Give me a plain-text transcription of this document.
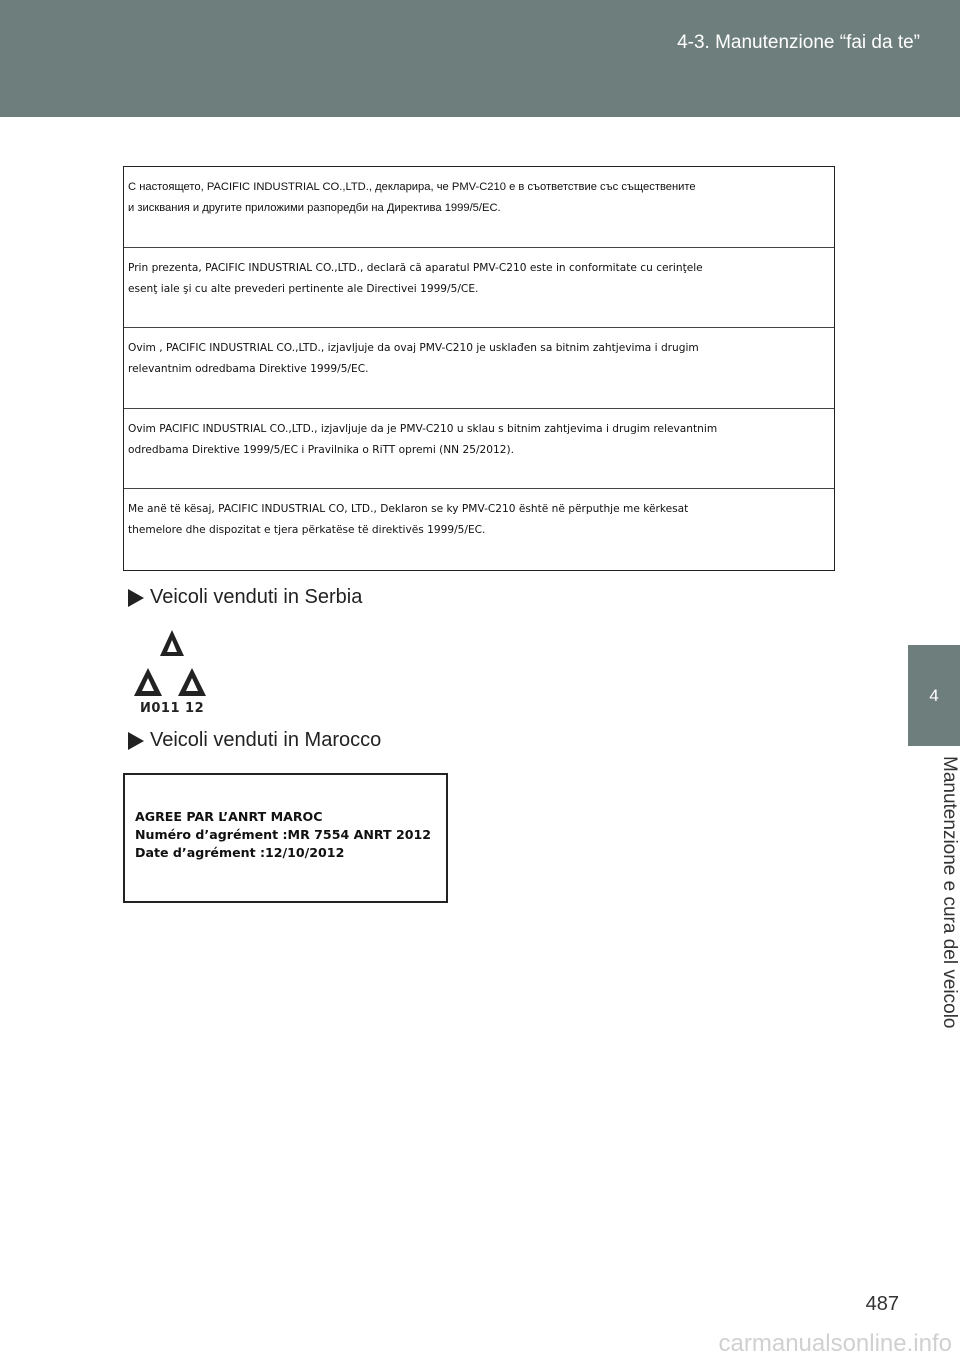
4-3. Manutenzione “fai da te”
4
Manutenzione e cura del veicolo
С настоящето, PACIFIC INDUSTRIAL CO.,LTD., декларира, че PMV-C210 е в съответствие със съществените
и зисквания и другите приложими разпоредби на Директива 1999/5/EC.
Prin prezenta, PACIFIC INDUSTRIAL CO.,LTD., declară că aparatul PMV-C210 este in conformitate cu cerinţele
esenţ iale şi cu alte prevederi pertinente ale Directivei 1999/5/CE.
Ovim , PACIFIC INDUSTRIAL CO.,LTD., izjavljuje da ovaj PMV-C210 je usklađen sa bitnim zahtjevima i drugim
relevantnim odredbama Direktive 1999/5/EC.
Ovim PACIFIC INDUSTRIAL CO.,LTD., izjavljuje da je PMV-C210 u sklau s bitnim zahtjevima i drugim relevantnim
odredbama Direktive 1999/5/EC i Pravilnika o RiTT opremi (NN 25/2012).
Me anë të kësaj, PACIFIC INDUSTRIAL CO, LTD., Deklaron se ky PMV-C210 është në përputhje me kërkesat
themelore dhe dispozitat e tjera përkatëse të direktivës 1999/5/EC.
Veicoli venduti in Serbia
И011 12
Veicoli venduti in Marocco
AGREE PAR L’ANRT MAROC
Numéro d’agrément :MR 7554 ANRT 2012
Date d’agrément :12/10/2012
487
carmanualsonline.info
